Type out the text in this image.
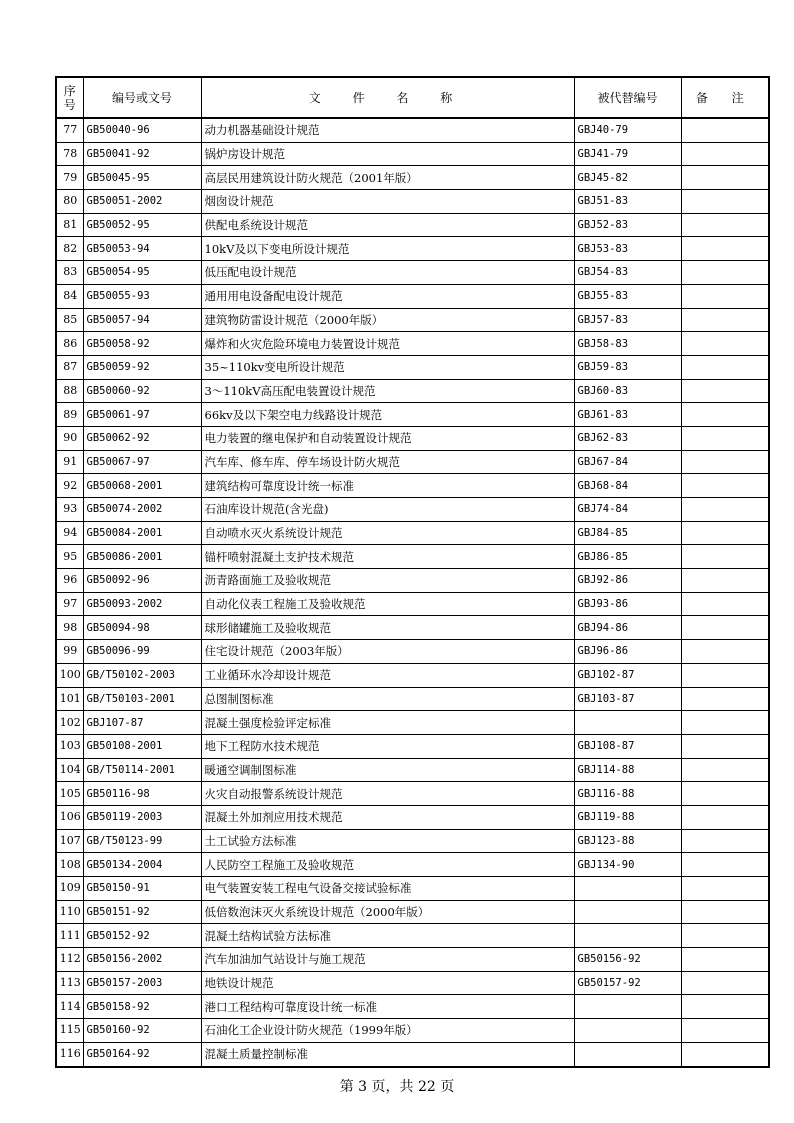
序号	编号或文号	文 件 名 称	被代替编号	备 注
77	GB50040-96	动力机器基础设计规范	GBJ40-79	
78	GB50041-92	锅炉房设计规范	GBJ41-79	
79	GB50045-95	高层民用建筑设计防火规范（2001年版）	GBJ45-82	
80	GB50051-2002	烟囱设计规范	GBJ51-83	
81	GB50052-95	供配电系统设计规范	GBJ52-83	
82	GB50053-94	10kV及以下变电所设计规范	GBJ53-83	
83	GB50054-95	低压配电设计规范	GBJ54-83	
84	GB50055-93	通用用电设备配电设计规范	GBJ55-83	
85	GB50057-94	建筑物防雷设计规范（2000年版）	GBJ57-83	
86	GB50058-92	爆炸和火灾危险环境电力装置设计规范	GBJ58-83	
87	GB50059-92	35~110kv变电所设计规范	GBJ59-83	
88	GB50060-92	3～110kV高压配电装置设计规范	GBJ60-83	
89	GB50061-97	66kv及以下架空电力线路设计规范	GBJ61-83	
90	GB50062-92	电力装置的继电保护和自动装置设计规范	GBJ62-83	
91	GB50067-97	汽车库、修车库、停车场设计防火规范	GBJ67-84	
92	GB50068-2001	建筑结构可靠度设计统一标准	GBJ68-84	
93	GB50074-2002	石油库设计规范(含光盘)	GBJ74-84	
94	GB50084-2001	自动喷水灭火系统设计规范	GBJ84-85	
95	GB50086-2001	锚杆喷射混凝土支护技术规范	GBJ86-85	
96	GB50092-96	沥青路面施工及验收规范	GBJ92-86	
97	GB50093-2002	自动化仪表工程施工及验收规范	GBJ93-86	
98	GB50094-98	球形储罐施工及验收规范	GBJ94-86	
99	GB50096-99	住宅设计规范（2003年版）	GBJ96-86	
100	GB/T50102-2003	工业循环水冷却设计规范	GBJ102-87	
101	GB/T50103-2001	总图制图标准	GBJ103-87	
102	GBJ107-87	混凝土强度检验评定标准		
103	GB50108-2001	地下工程防水技术规范	GBJ108-87	
104	GB/T50114-2001	暖通空调制图标准	GBJ114-88	
105	GB50116-98	火灾自动报警系统设计规范	GBJ116-88	
106	GB50119-2003	混凝土外加剂应用技术规范	GBJ119-88	
107	GB/T50123-99	土工试验方法标准	GBJ123-88	
108	GB50134-2004	人民防空工程施工及验收规范	GBJ134-90	
109	GB50150-91	电气装置安装工程电气设备交接试验标准		
110	GB50151-92	低倍数泡沫灭火系统设计规范（2000年版）		
111	GB50152-92	混凝土结构试验方法标准		
112	GB50156-2002	汽车加油加气站设计与施工规范	GB50156-92	
113	GB50157-2003	地铁设计规范	GB50157-92	
114	GB50158-92	港口工程结构可靠度设计统一标准		
115	GB50160-92	石油化工企业设计防火规范（1999年版）		
116	GB50164-92	混凝土质量控制标准		
第 3 页，共 22 页
